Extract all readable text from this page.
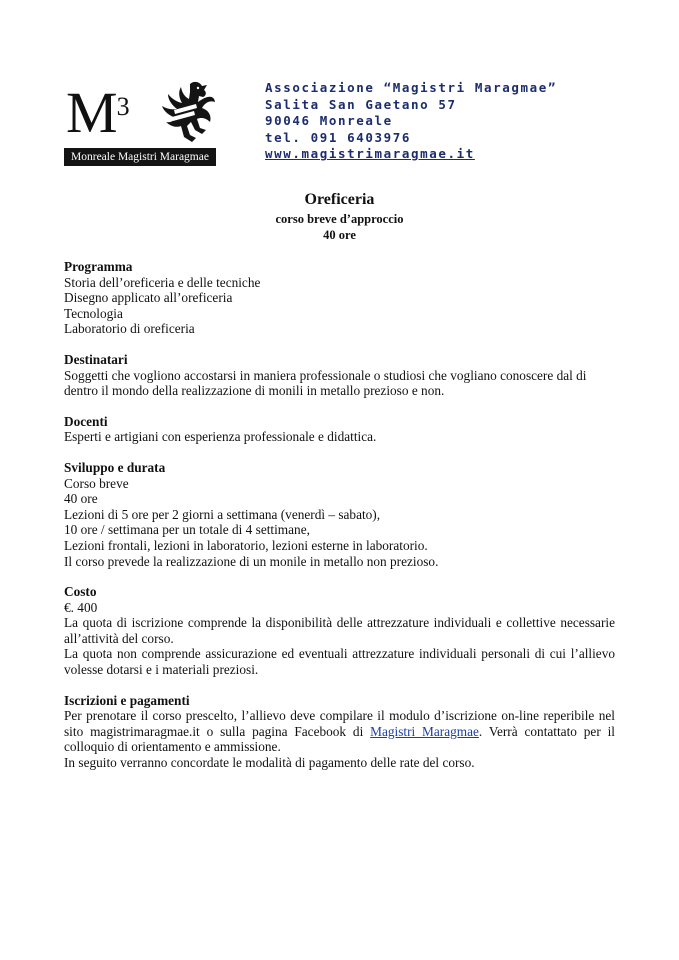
$M^3$
Monreale Magistri Maragmae
Associazione “Magistri Maragmae”
Salita San Gaetano 57
90046 Monreale
tel. 091 6403976
www.magistrimaragmae.it
Oreficeria
corso breve d’approccio
40 ore
Programma
Storia dell’oreficeria e delle tecniche
Disegno applicato all’oreficeria
Tecnologia
Laboratorio di oreficeria
Destinatari
Soggetti che vogliono accostarsi in maniera professionale o studiosi che vogliano conoscere dal di dentro il mondo della realizzazione di monili in metallo prezioso e non.
Docenti
Esperti e artigiani con esperienza professionale e didattica.
Sviluppo e durata
Corso breve
40 ore
Lezioni di 5 ore per 2 giorni a settimana (venerdì – sabato),
10 ore / settimana per un totale di 4 settimane,
Lezioni frontali, lezioni in laboratorio, lezioni esterne in laboratorio.
Il corso prevede la realizzazione di un monile in metallo non prezioso.
Costo
€. 400
La quota di iscrizione comprende la disponibilità delle attrezzature individuali e collettive necessarie all’attività del corso.
La quota non comprende assicurazione ed eventuali attrezzature individuali personali di cui l’allievo volesse dotarsi e i materiali preziosi.
Iscrizioni e pagamenti
Per prenotare il corso prescelto, l’allievo deve compilare il modulo d’iscrizione on-line reperibile nel sito magistrimaragmae.it o sulla pagina Facebook di Magistri Maragmae. Verrà contattato per il colloquio di orientamento e ammissione.
In seguito verranno concordate le modalità di pagamento delle rate del corso.
